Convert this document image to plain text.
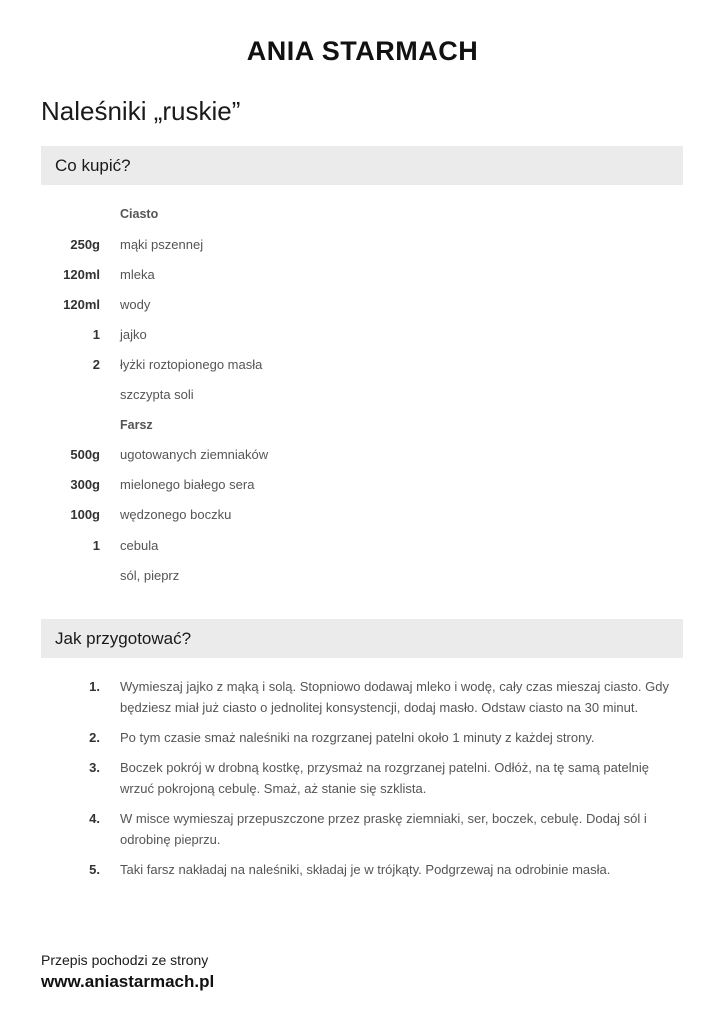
ANIA STARMACH
Naleśniki „ruskie”
Co kupić?
Ciasto
250g mąki pszennej
120ml mleka
120ml wody
1 jajko
2 łyżki roztopionego masła
szczypta soli
Farsz
500g ugotowanych ziemniaków
300g mielonego białego sera
100g wędzonego boczku
1 cebula
sól, pieprz
Jak przygotować?
1. Wymieszaj jajko z mąką i solą. Stopniowo dodawaj mleko i wodę, cały czas mieszaj ciasto. Gdy będziesz miał już ciasto o jednolitej konsystencji, dodaj masło. Odstaw ciasto na 30 minut.
2. Po tym czasie smaż naleśniki na rozgrzanej patelni około 1 minuty z każdej strony.
3. Boczek pokrój w drobną kostkę, przysmaż na rozgrzanej patelni. Odłóż, na tę samą patelnię wrzuć pokrojoną cebulę. Smaż, aż stanie się szklista.
4. W misce wymieszaj przepuszczone przez praskę ziemniaki, ser, boczek, cebulę. Dodaj sól i odrobinę pieprzu.
5. Taki farsz nakładaj na naleśniki, składaj je w trójkąty. Podgrzewaj na odrobinie masła.
Przepis pochodzi ze strony
www.aniastarmach.pl
